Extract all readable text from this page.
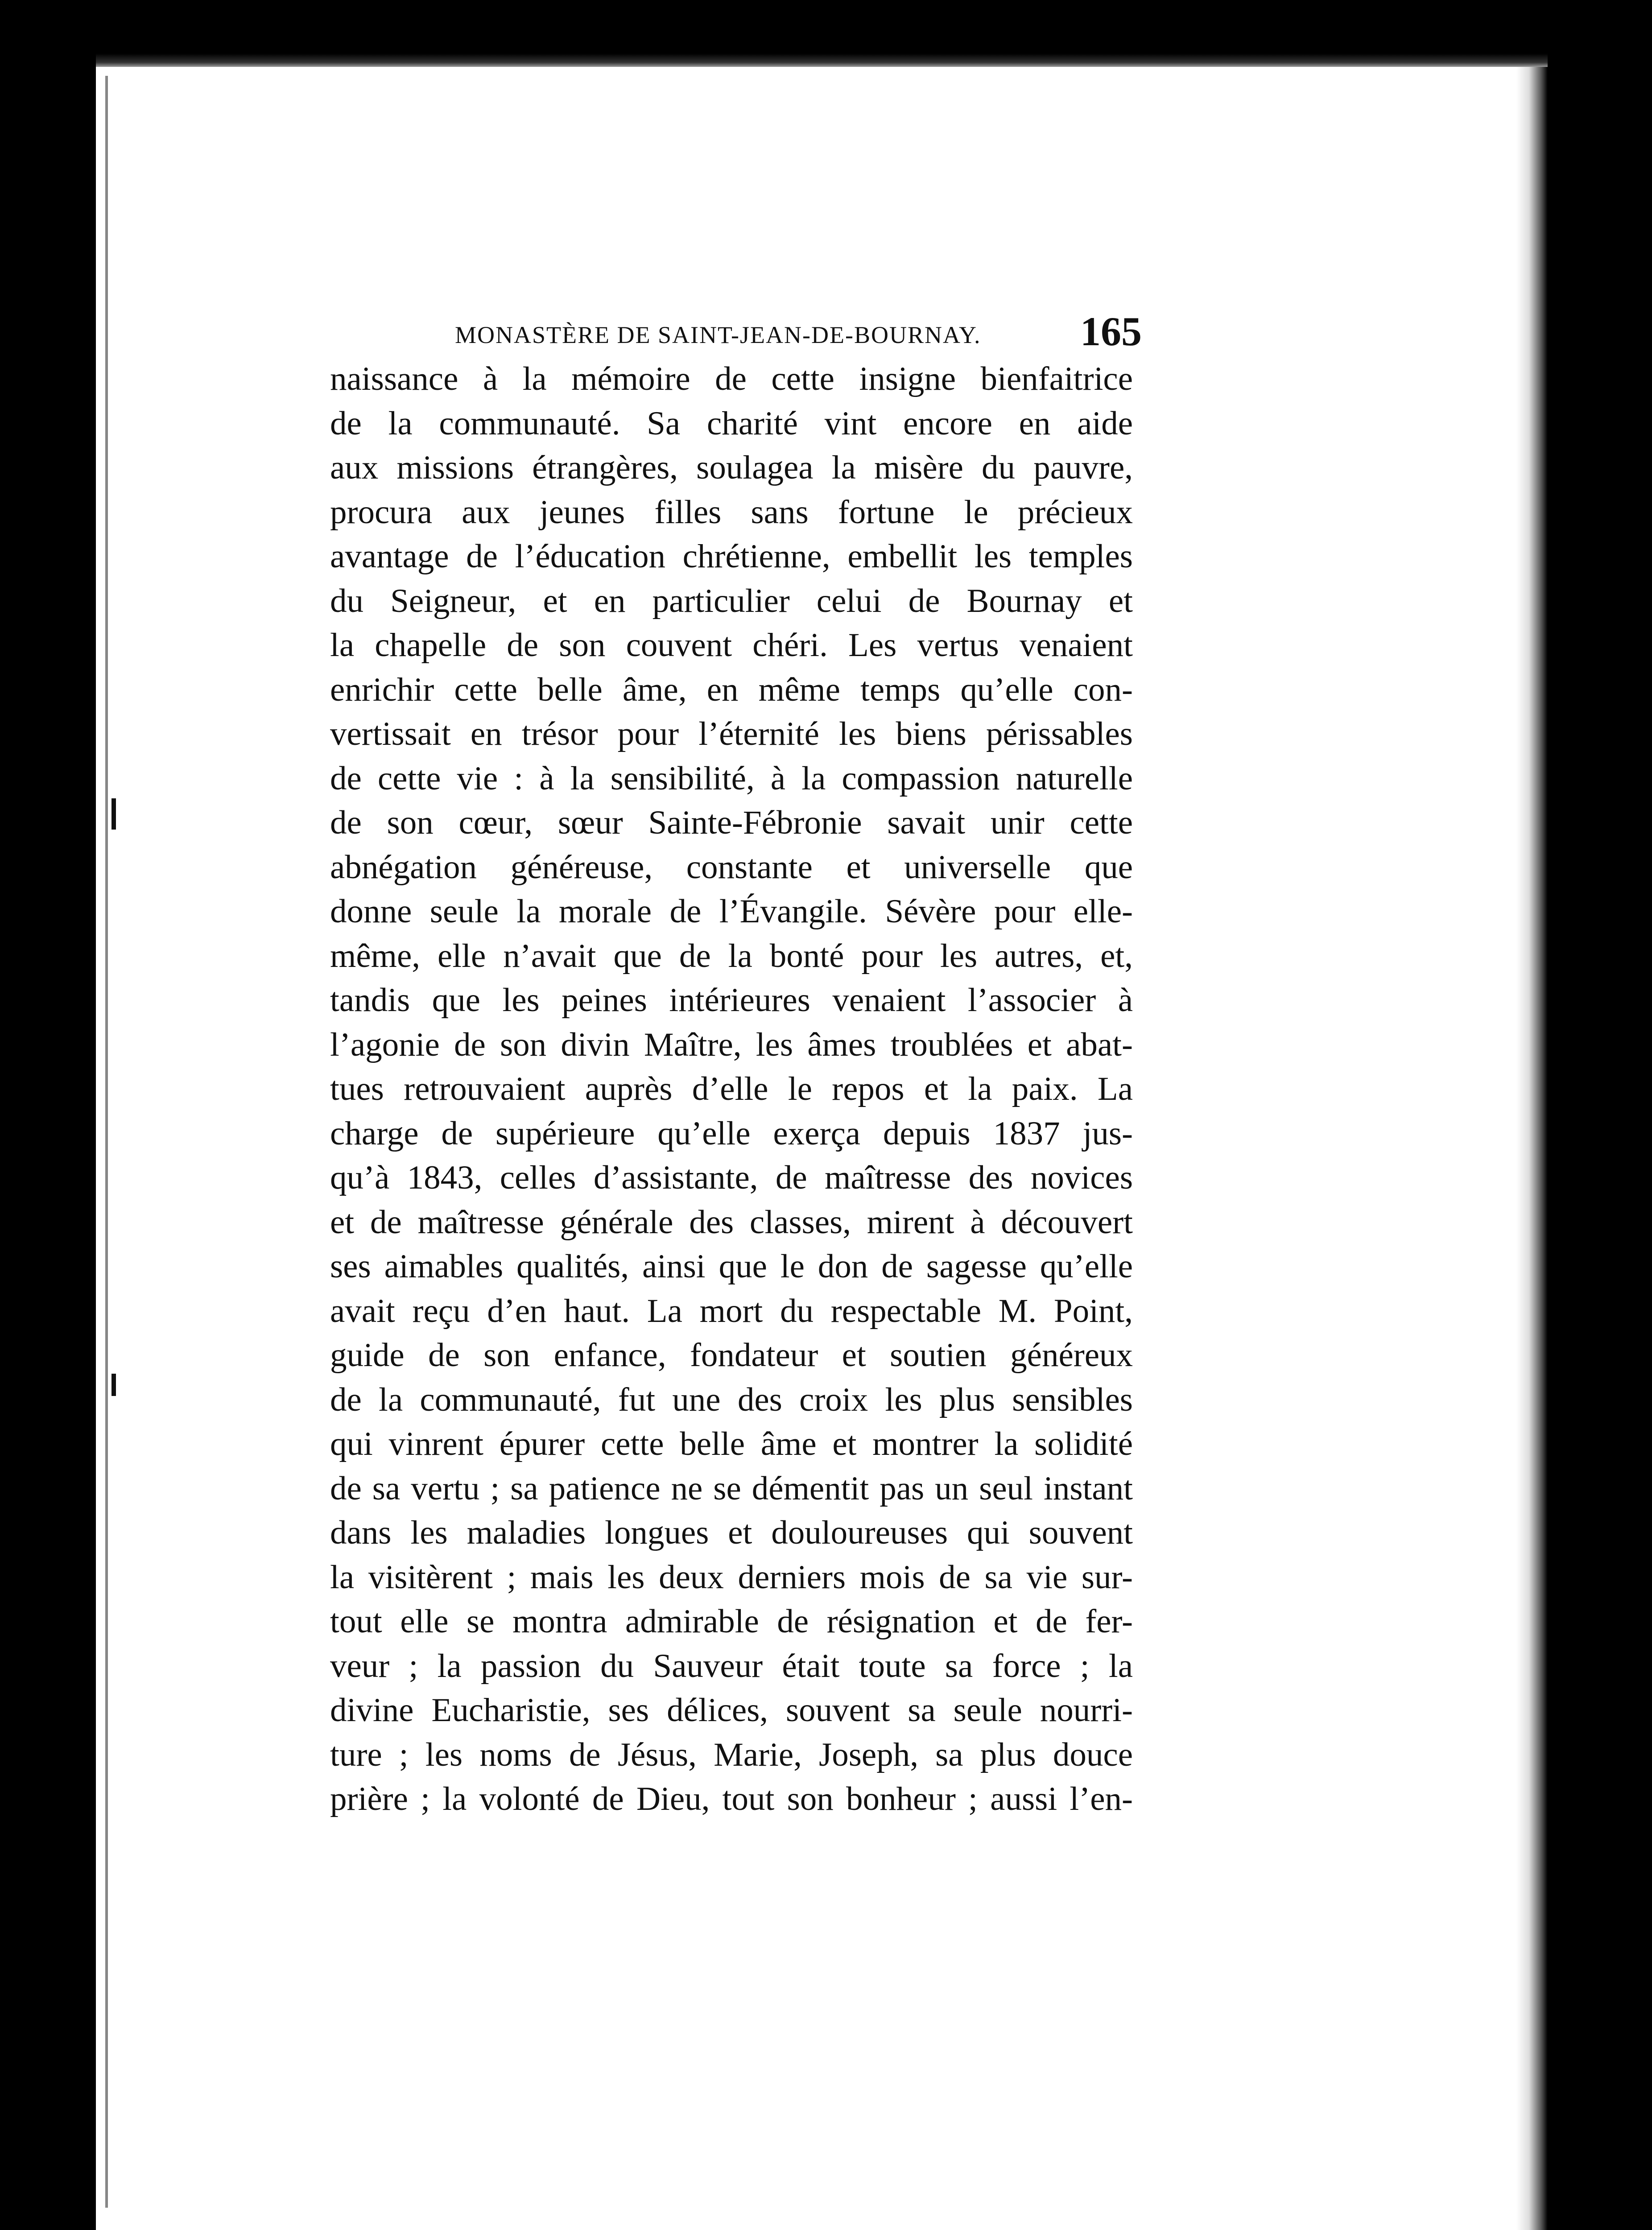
MONASTÈRE DE SAINT-JEAN-DE-BOURNAY. 165
naissance à la mémoire de cette insigne bienfaitrice
de la communauté. Sa charité vint encore en aide
aux missions étrangères, soulagea la misère du pauvre,
procura aux jeunes filles sans fortune le précieux
avantage de l’éducation chrétienne, embellit les temples
du Seigneur, et en particulier celui de Bournay et
la chapelle de son couvent chéri. Les vertus venaient
enrichir cette belle âme, en même temps qu’elle con-
vertissait en trésor pour l’éternité les biens périssables
de cette vie : à la sensibilité, à la compassion naturelle
de son cœur, sœur Sainte-Fébronie savait unir cette
abnégation généreuse, constante et universelle que
donne seule la morale de l’Évangile. Sévère pour elle-
même, elle n’avait que de la bonté pour les autres, et,
tandis que les peines intérieures venaient l’associer à
l’agonie de son divin Maître, les âmes troublées et abat-
tues retrouvaient auprès d’elle le repos et la paix. La
charge de supérieure qu’elle exerça depuis 1837 jus-
qu’à 1843, celles d’assistante, de maîtresse des novices
et de maîtresse générale des classes, mirent à découvert
ses aimables qualités, ainsi que le don de sagesse qu’elle
avait reçu d’en haut. La mort du respectable M. Point,
guide de son enfance, fondateur et soutien généreux
de la communauté, fut une des croix les plus sensibles
qui vinrent épurer cette belle âme et montrer la solidité
de sa vertu ; sa patience ne se démentit pas un seul instant
dans les maladies longues et douloureuses qui souvent
la visitèrent ; mais les deux derniers mois de sa vie sur-
tout elle se montra admirable de résignation et de fer-
veur ; la passion du Sauveur était toute sa force ; la
divine Eucharistie, ses délices, souvent sa seule nourri-
ture ; les noms de Jésus, Marie, Joseph, sa plus douce
prière ; la volonté de Dieu, tout son bonheur ; aussi l’en-
